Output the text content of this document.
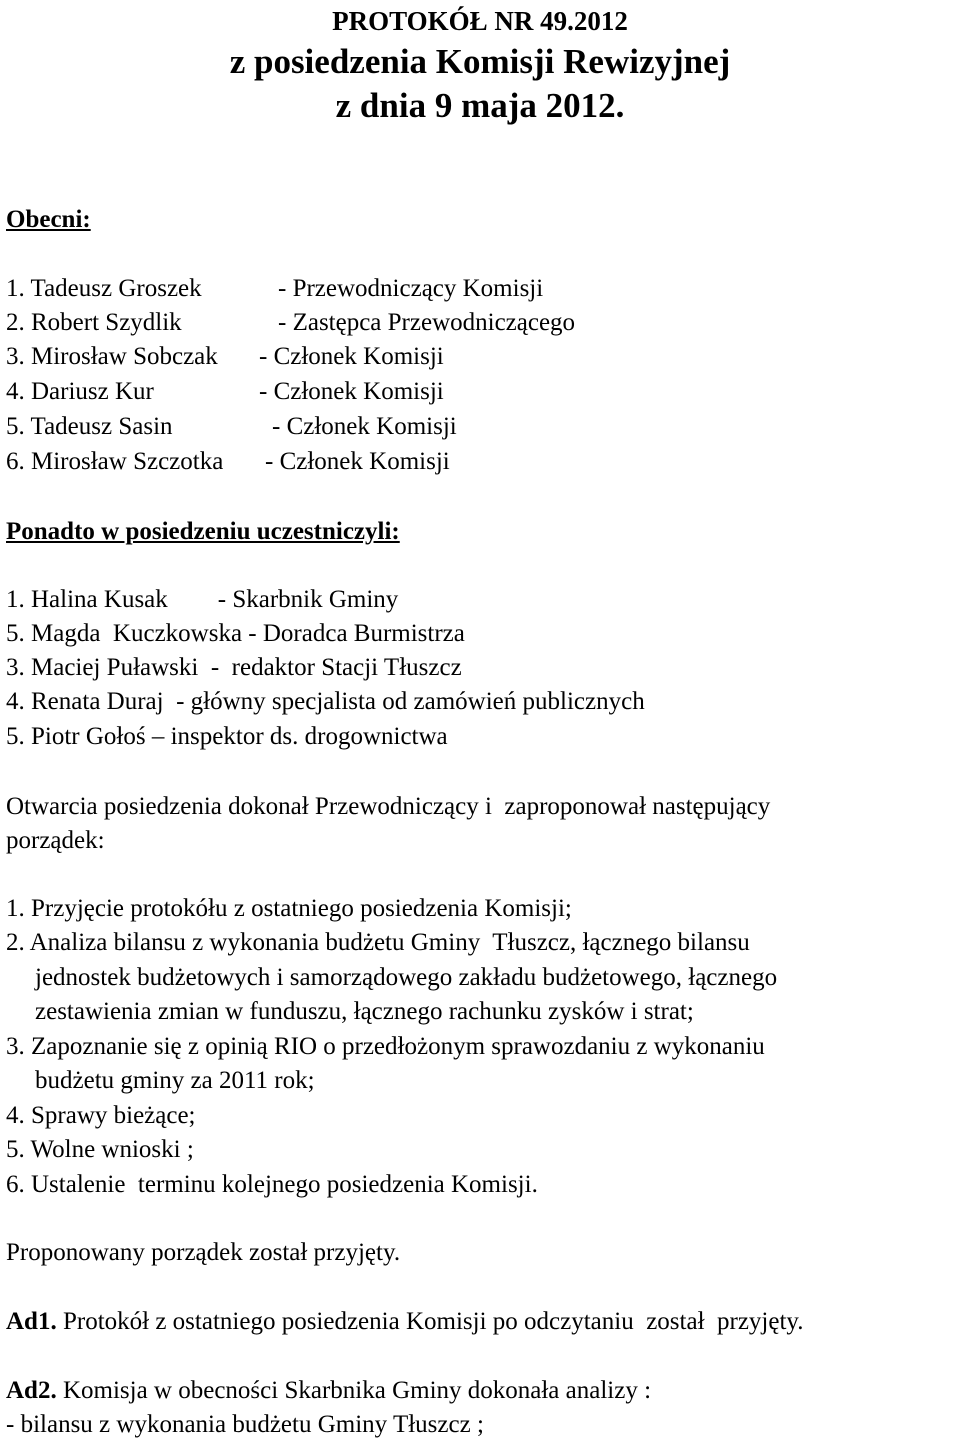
PROTOKÓŁ NR 49.2012
z posiedzenia Komisji Rewizyjnej
z dnia 9 maja 2012.
Obecni:
1. Tadeusz Groszek	- Przewodniczący Komisji
2. Robert Szydlik	- Zastępca Przewodniczącego
3. Mirosław Sobczak - Członek Komisji
4. Dariusz Kur	- Członek Komisji
5. Tadeusz Sasin	- Członek Komisji
6. Mirosław Szczotka - Członek Komisji
Ponadto w posiedzeniu uczestniczyli:
1. Halina Kusak        - Skarbnik Gminy
5. Magda  Kuczkowska - Doradca Burmistrza
3. Maciej Puławski  -  redaktor Stacji Tłuszcz
4. Renata Duraj  - główny specjalista od zamówień publicznych
5. Piotr Gołoś – inspektor ds. drogownictwa
Otwarcia posiedzenia dokonał Przewodniczący i  zaproponował następujący
porządek:
1. Przyjęcie protokółu z ostatniego posiedzenia Komisji;
2. Analiza bilansu z wykonania budżetu Gminy  Tłuszcz, łącznego bilansu
jednostek budżetowych i samorządowego zakładu budżetowego, łącznego
zestawienia zmian w funduszu, łącznego rachunku zysków i strat;
3. Zapoznanie się z opinią RIO o przedłożonym sprawozdaniu z wykonaniu
budżetu gminy za 2011 rok;
4. Sprawy bieżące;
5. Wolne wnioski ;
6. Ustalenie  terminu kolejnego posiedzenia Komisji.
Proponowany porządek został przyjęty.
Ad1. Protokół z ostatniego posiedzenia Komisji po odczytaniu  został  przyjęty.
Ad2. Komisja w obecności Skarbnika Gminy dokonała analizy :
- bilansu z wykonania budżetu Gminy Tłuszcz ;
